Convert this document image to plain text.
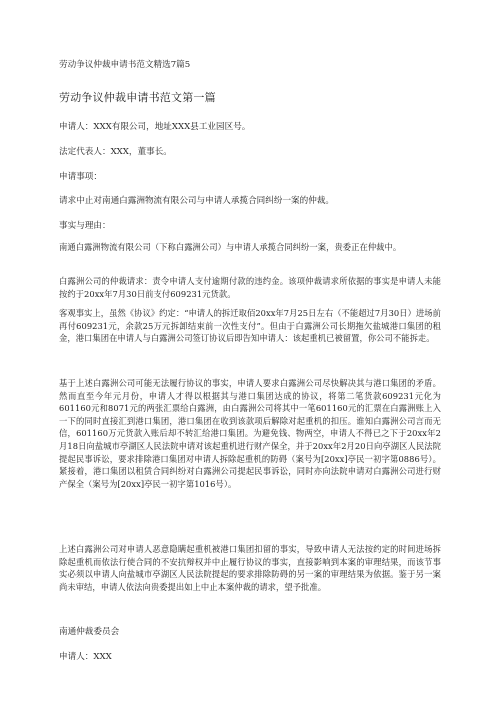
劳动争议仲裁申请书范文精选7篇5
劳动争议仲裁申请书范文第一篇
申请人：XXX有限公司，地址XXX县工业园区号。
法定代表人：XXX，董事长。
申请事项：
请求中止对南通白露洲物流有限公司与申请人承揽合同纠纷一案的仲裁。
事实与理由：
南通白露洲物流有限公司（下称白露洲公司）与申请人承揽合同纠纷一案，贵委正在仲裁中。
白露洲公司的仲裁请求：责令申请人支付逾期付款的违约金。该项仲裁请求所依据的事实是申请人未能按约于20xx年7月30日前支付609231元货款。
客观事实上，虽然《协议》约定：“申请人的拆迁取佰20xx年7月25日左右（不能超过7月30日）进场前再付609231元，余款25万元拆卸结束前一次性支付”。但由于白露洲公司长期拖欠盐城港口集团的租金，港口集团在申请人与白露洲公司签订协议后即告知申请人：该起重机已被留置，你公司不能拆走。
基于上述白露洲公司可能无法履行协议的事实，申请人要求白露洲公司尽快解决其与港口集团的矛盾。然而直至今年元月份，申请人才得以根据其与港口集团达成的协议，将第二笔货款609231元化为601160元和8071元的两张汇票给白露洲，由白露洲公司将其中一笔601160元的汇票在白露洲账上入一下的同时直接汇到港口集团，港口集团在收到该款项后解除对起重机的扣压。谁知白露洲公司言而无信，601160万元货款入账后却不转汇给港口集团。为避免钱、物两空，申请人不得已之下于20xx年2月18日向盐城市亭湖区人民法院申请对该起重机进行财产保全，并于20xx年2月20日向亭湖区人民法院提起民事诉讼，要求排除港口集团对申请人拆除起重机的防碍（案号为[20xx]亭民一初字第0886号）。紧接着，港口集团以租赁合同纠纷对白露洲公司提起民事诉讼，同时亦向法院申请对白露洲公司进行财产保全（案号为[20xx]亭民一初字第1016号）。
上述白露洲公司对申请人恶意隐瞒起重机被港口集团扣留的事实，导致申请人无法按约定的时间进场拆除起重机而依法行使合同的不安抗辩权并中止履行协议的事实，直接影响到本案的审理结果，而该节事实必须以申请人向盐城市亭湖区人民法院提起的要求排除防碍的另一案的审理结果为依据。鉴于另一案尚未审结，申请人依法向贵委提出如上中止本案仲裁的请求，望予批准。
南通仲裁委员会
申请人：XXX
